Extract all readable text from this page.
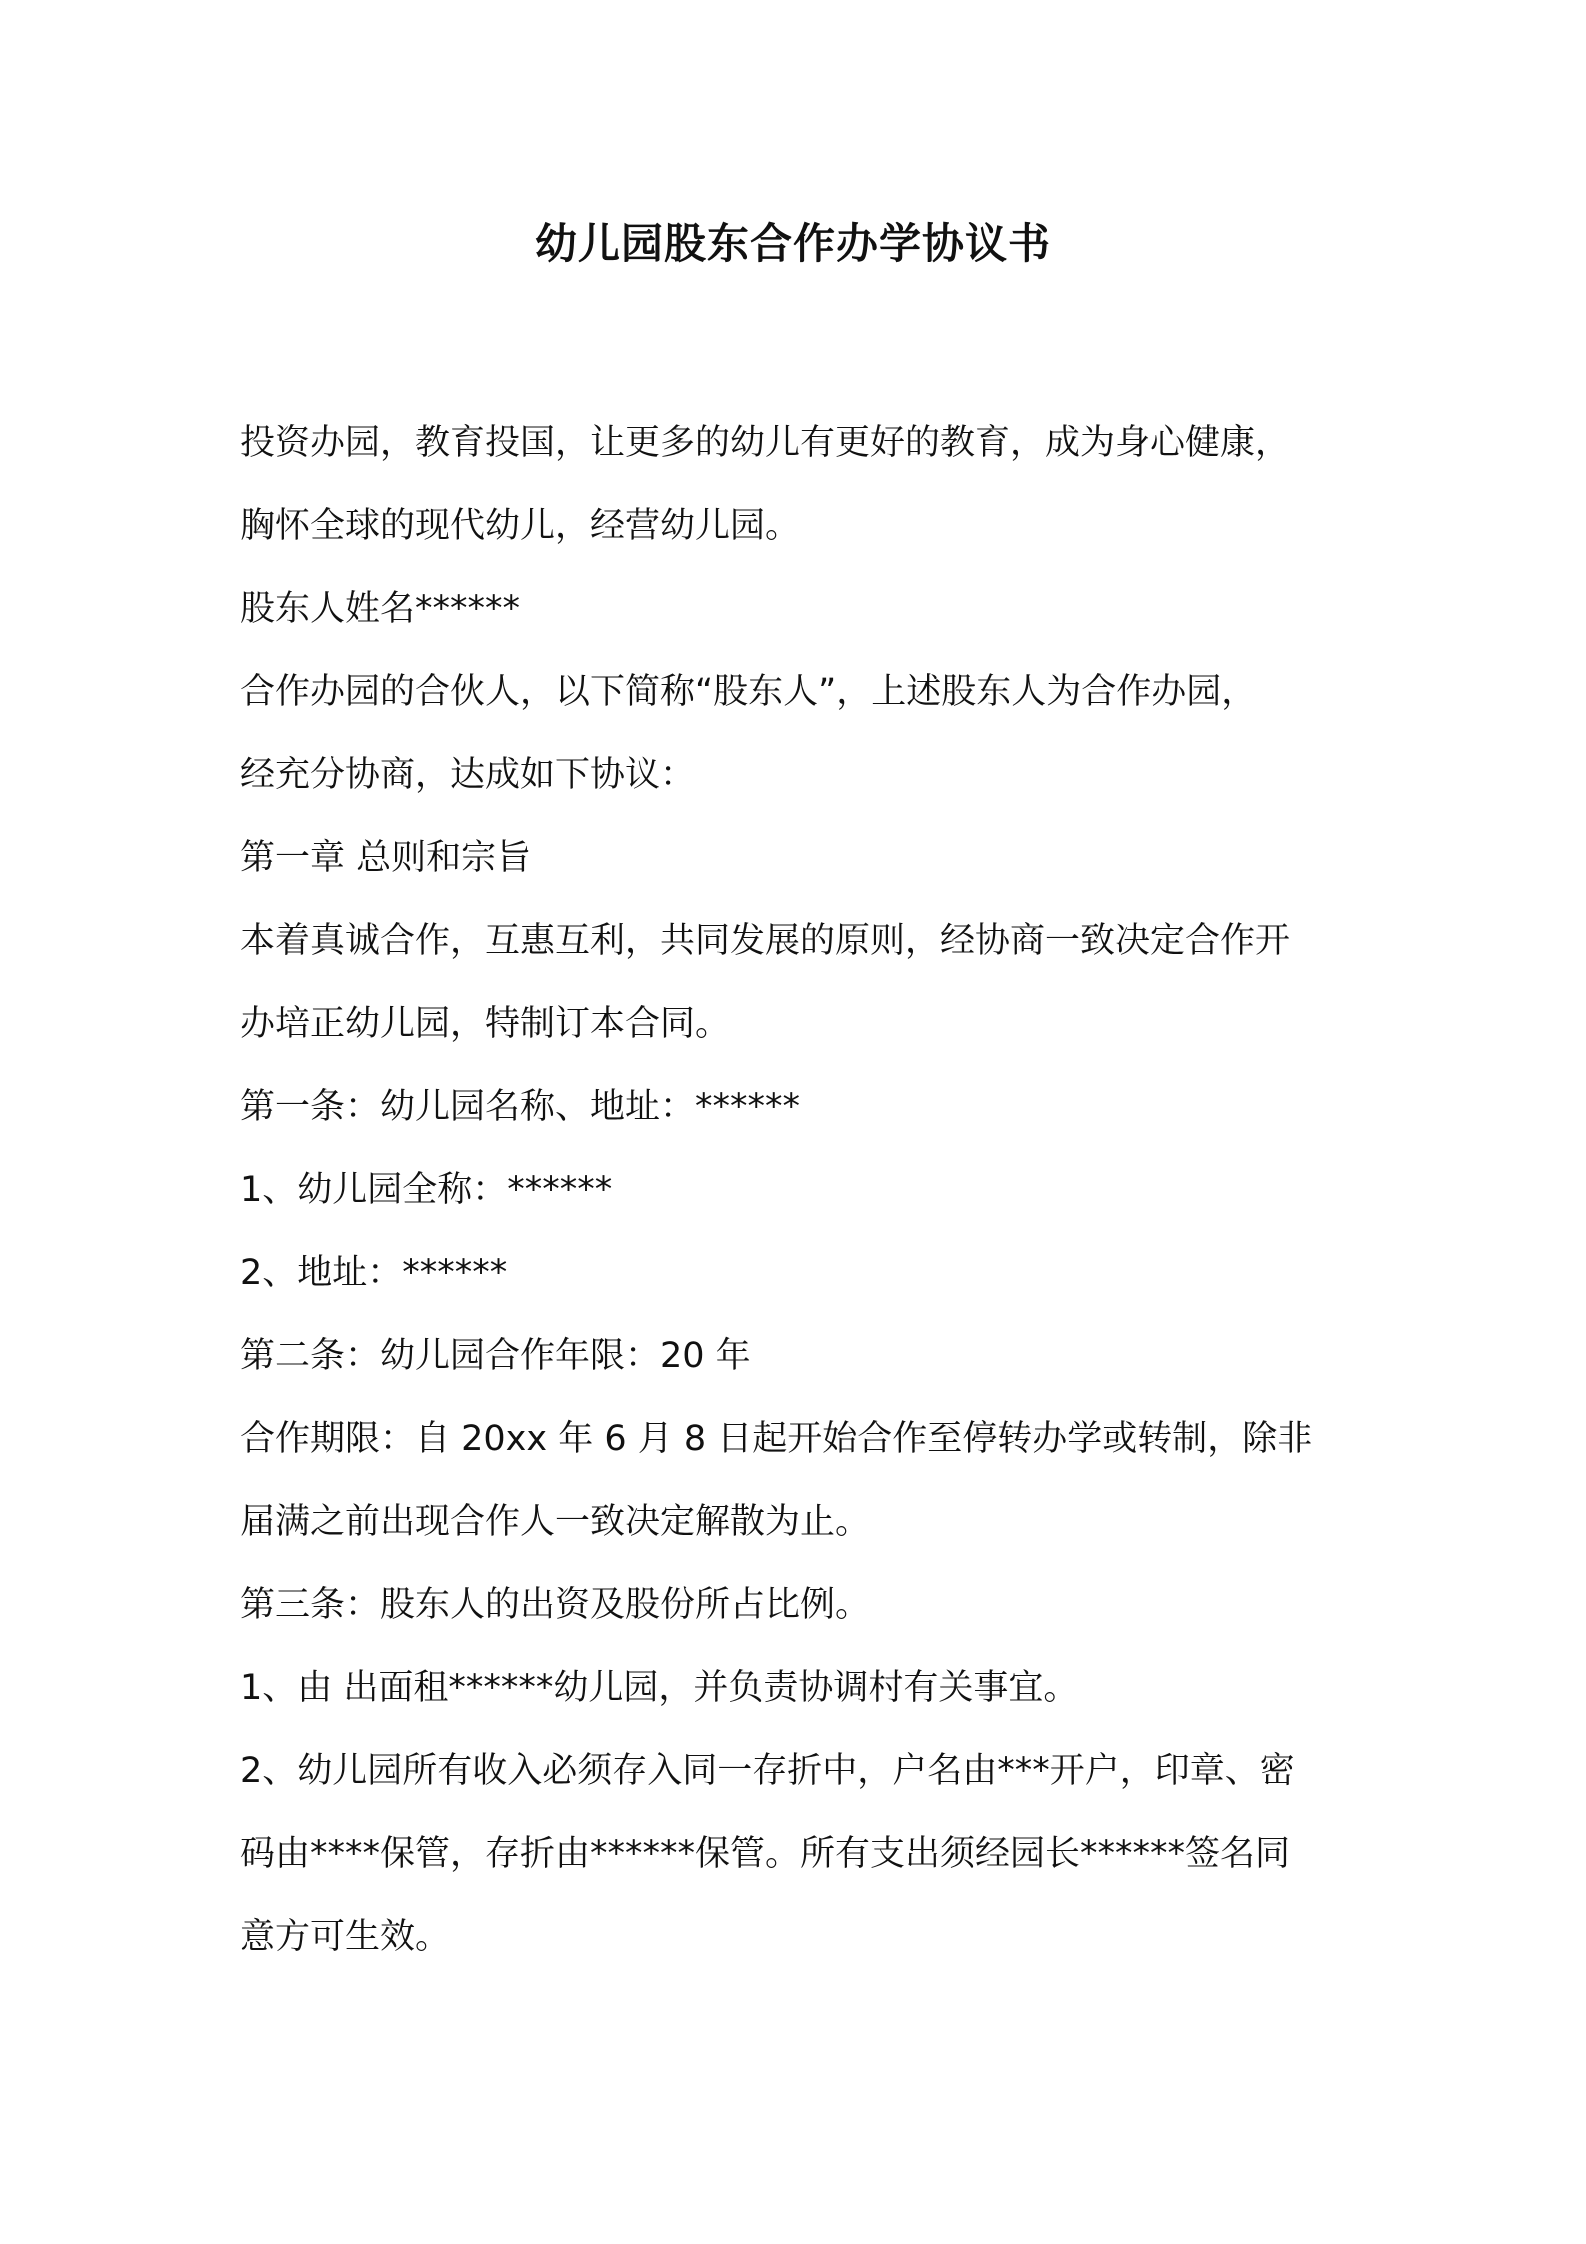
幼儿园股东合作办学协议书
投资办园，教育投国，让更多的幼儿有更好的教育，成为身心健康，
胸怀全球的现代幼儿，经营幼儿园。
股东人姓名******
合作办园的合伙人，以下简称“股东人”，上述股东人为合作办园，
经充分协商，达成如下协议：
第一章 总则和宗旨
本着真诚合作，互惠互利，共同发展的原则，经协商一致决定合作开
办培正幼儿园，特制订本合同。
第一条：幼儿园名称、地址：******
1、幼儿园全称：******
2、地址：******
第二条：幼儿园合作年限：20 年
合作期限：自 20xx 年 6 月 8 日起开始合作至停转办学或转制，除非
届满之前出现合作人一致决定解散为止。
第三条：股东人的出资及股份所占比例。
1、由 出面租******幼儿园，并负责协调村有关事宜。
2、幼儿园所有收入必须存入同一存折中，户名由***开户，印章、密
码由****保管，存折由******保管。所有支出须经园长******签名同
意方可生效。
